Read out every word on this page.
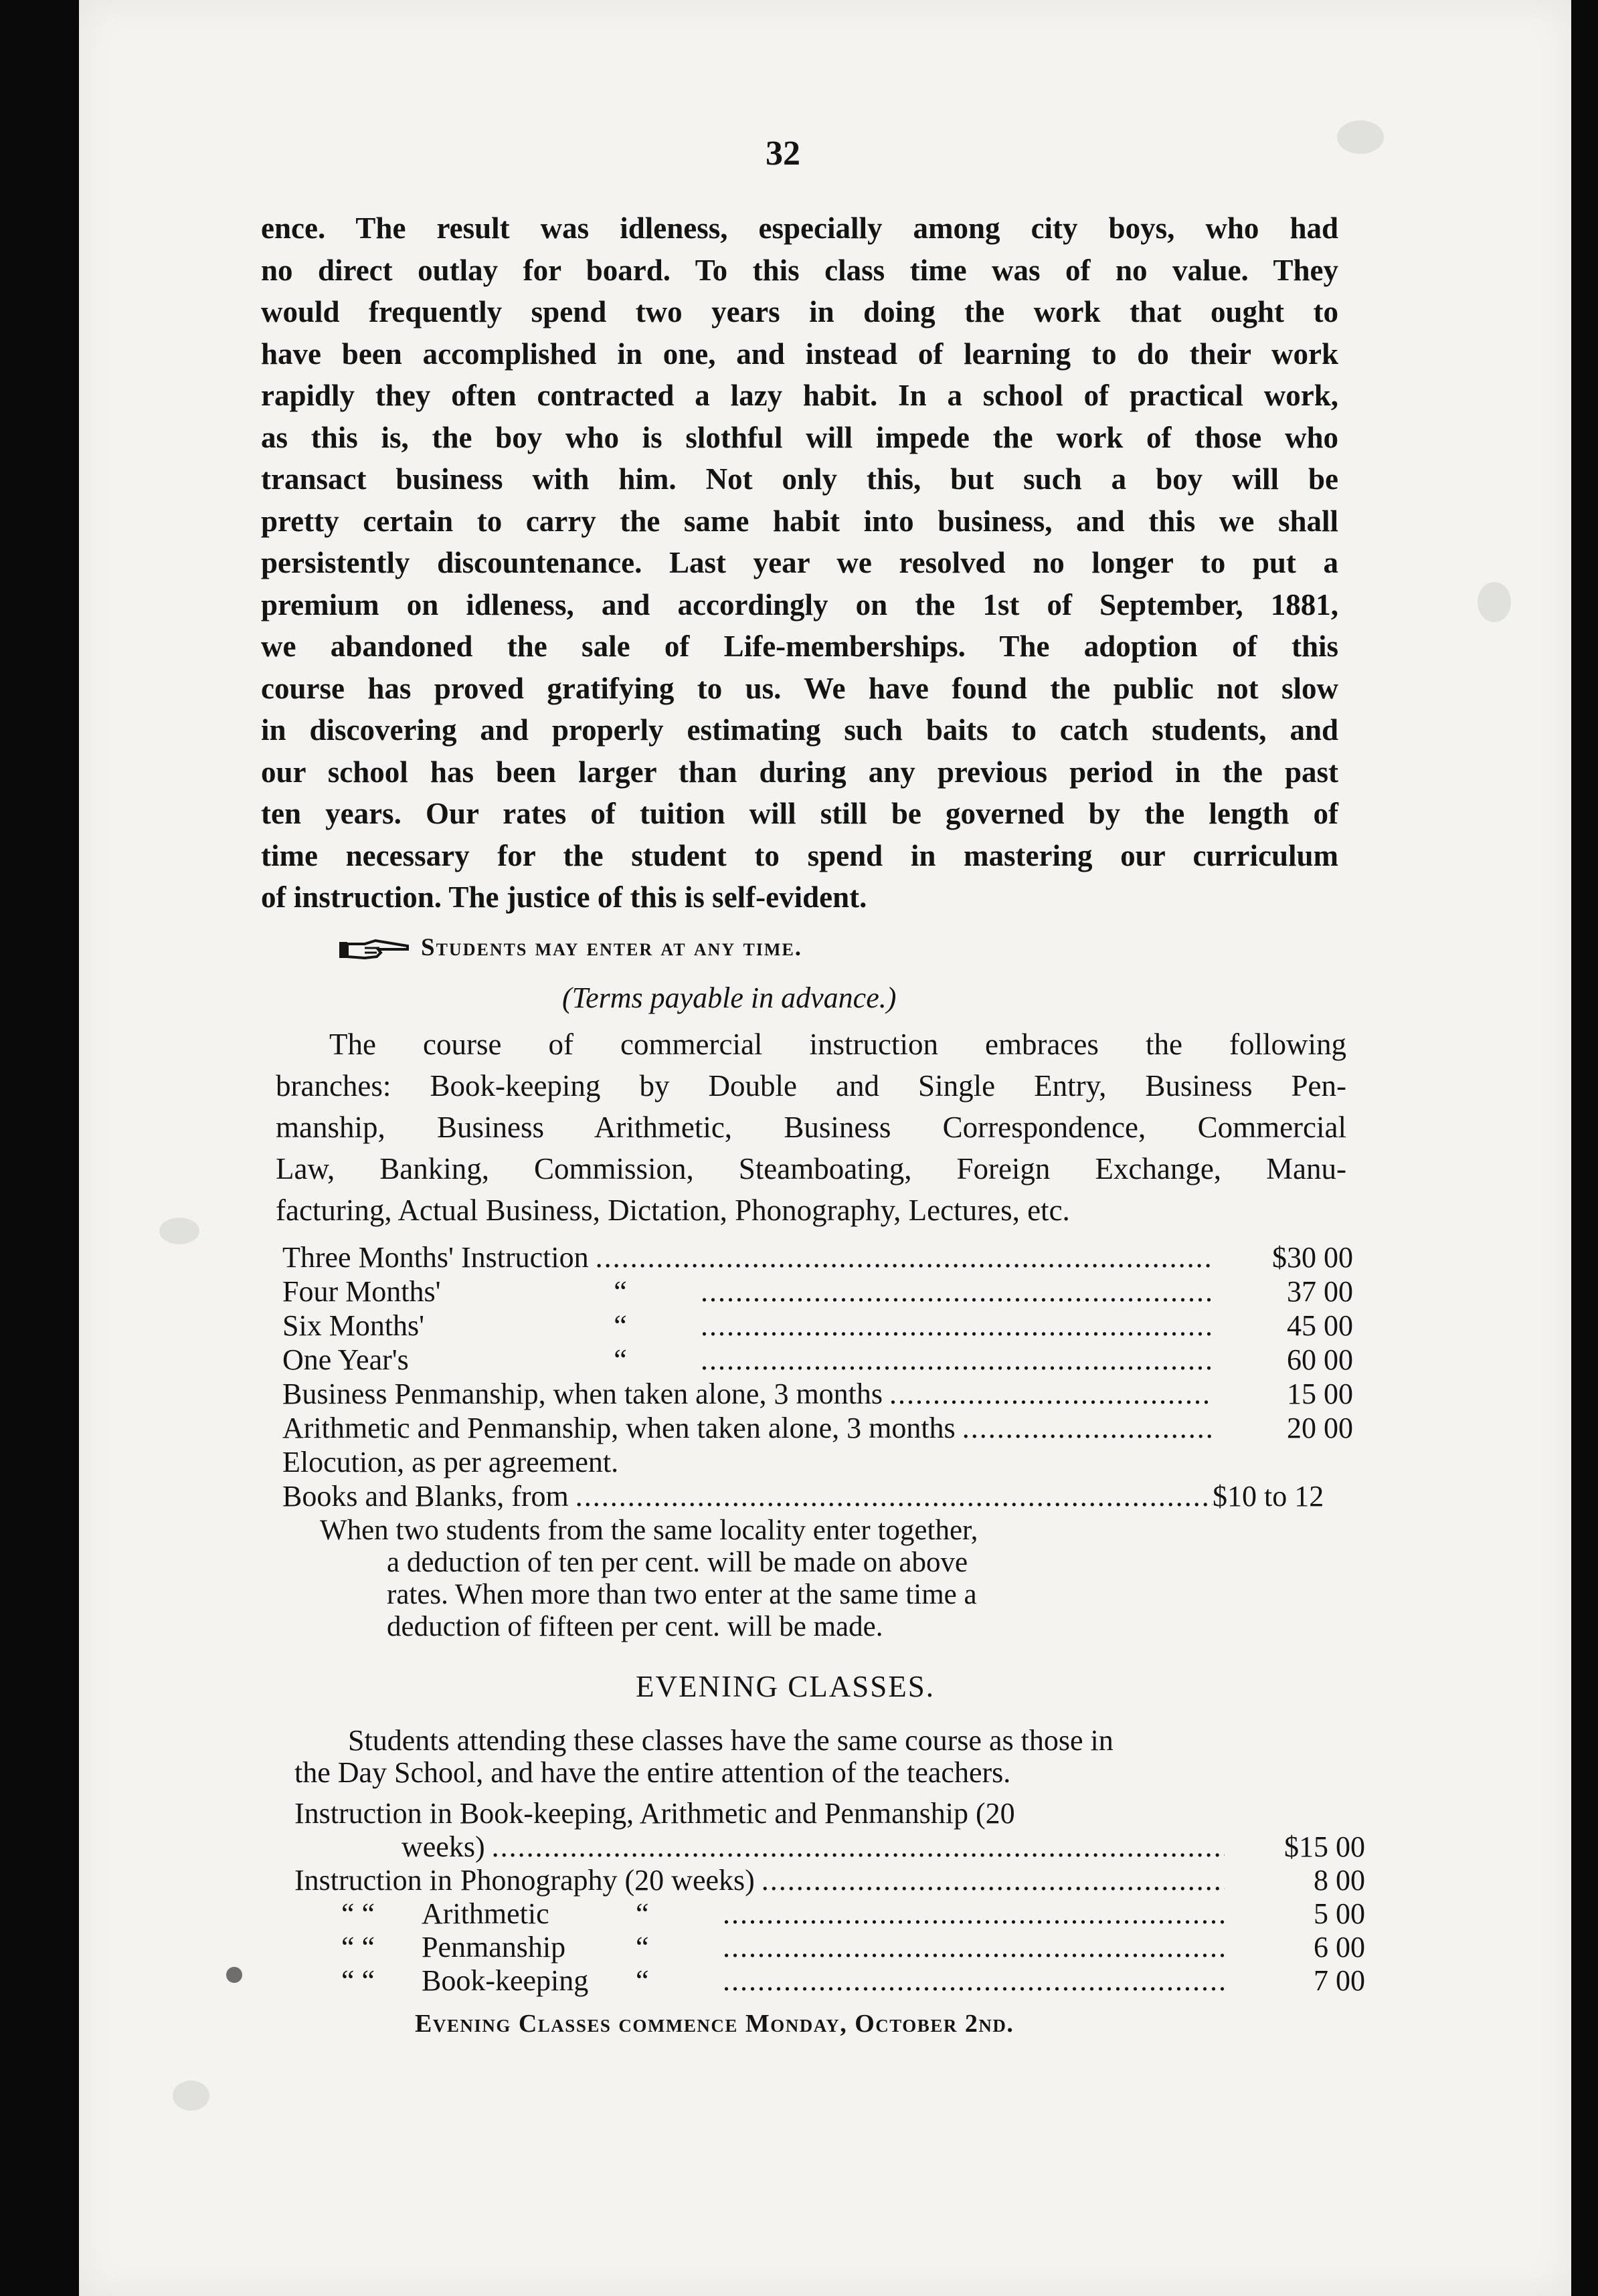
32
ence. The result was idleness, especially among city boys, who had
no direct outlay for board. To this class time was of no value. They
would frequently spend two years in doing the work that ought to
have been accomplished in one, and instead of learning to do their work
rapidly they often contracted a lazy habit. In a school of practical work,
as this is, the boy who is slothful will impede the work of those who
transact business with him. Not only this, but such a boy will be
pretty certain to carry the same habit into business, and this we shall
persistently discountenance. Last year we resolved no longer to put a
premium on idleness, and accordingly on the 1st of September, 1881,
we abandoned the sale of Life-memberships. The adoption of this
course has proved gratifying to us. We have found the public not slow
in discovering and properly estimating such baits to catch students, and
our school has been larger than during any previous period in the past
ten years. Our rates of tuition will still be governed by the length of
time necessary for the student to spend in mastering our curriculum
of instruction. The justice of this is self-evident.
Students may enter at any time.
(Terms payable in advance.)
The course of commercial instruction embraces the following
branches: Book-keeping by Double and Single Entry, Business Pen-
manship, Business Arithmetic, Business Correspondence, Commercial
Law, Banking, Commission, Steamboating, Foreign Exchange, Manu-
facturing, Actual Business, Dictation, Phonography, Lectures, etc.
Three Months' Instruction .....	$30 00
Four Months'	“ .....	37 00
Six Months'	“ .....	45 00
One Year's	“ .....	60 00
Business Penmanship, when taken alone, 3 months .....	15 00
Arithmetic and Penmanship, when taken alone, 3 months .....	20 00
Elocution, as per agreement.
Books and Blanks, from .....	$10 to 12
When two students from the same locality enter together,
a deduction of ten per cent. will be made on above
rates. When more than two enter at the same time a
deduction of fifteen per cent. will be made.
EVENING CLASSES.
Students attending these classes have the same course as those in
the Day School, and have the entire attention of the teachers.
Instruction in Book-keeping, Arithmetic and Penmanship (20
weeks) .....	$15 00
Instruction in Phonography (20 weeks) .....	8 00
“ “	Arithmetic	“ .....	5 00
“ “	Penmanship	“ .....	6 00
“ “	Book-keeping	“ .....	7 00
Evening Classes commence Monday, October 2nd.
